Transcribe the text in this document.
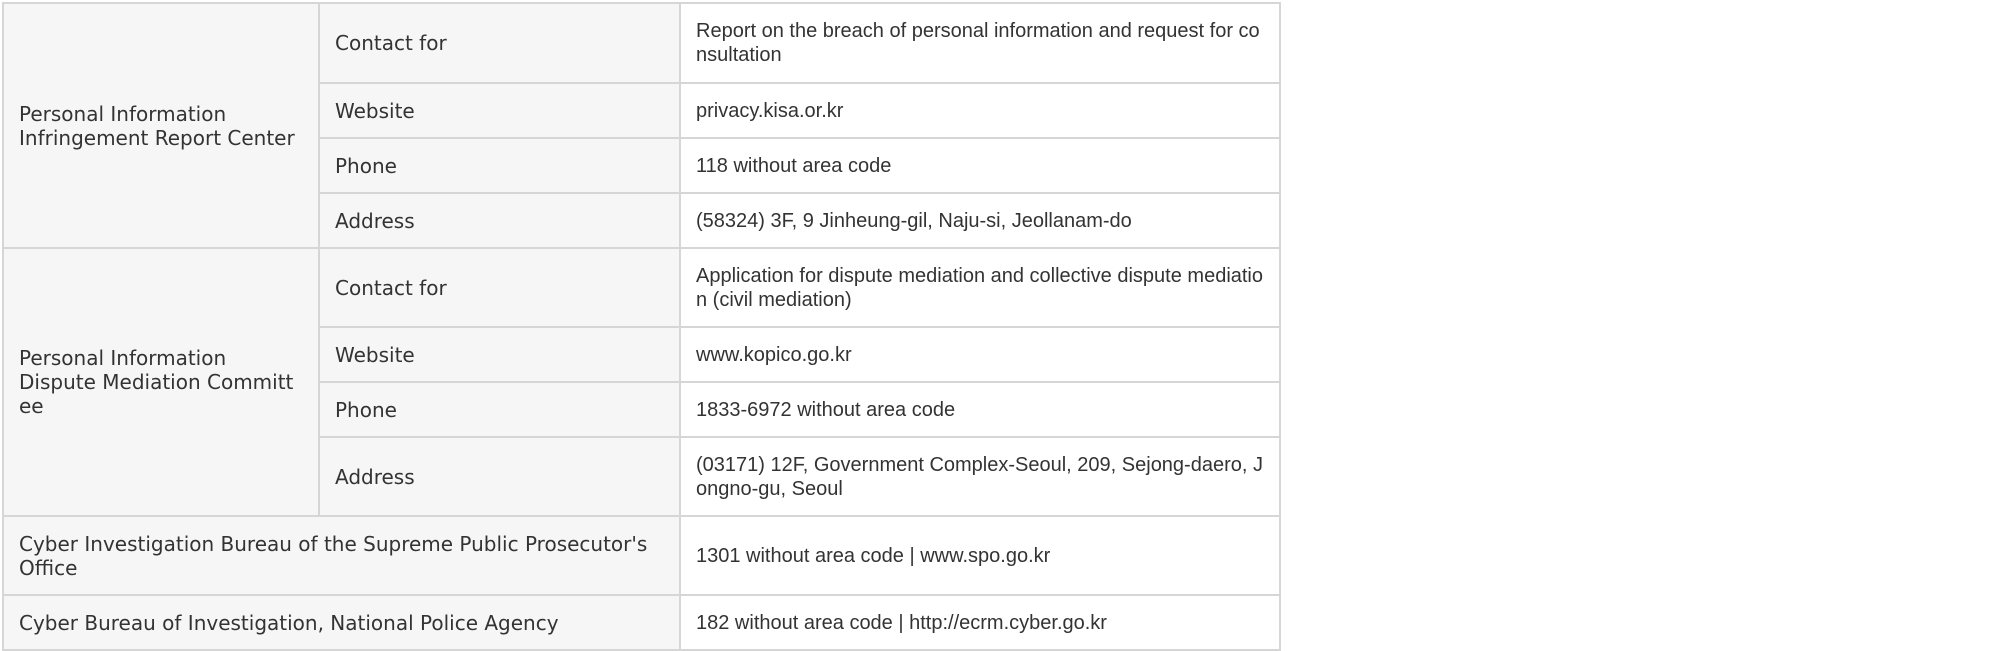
Personal Information
Infringement Report Center	Contact for	Report on the breach of personal information and request for consultation
	Website	privacy.kisa.or.kr
	Phone	118 without area code
	Address	(58324) 3F, 9 Jinheung-gil, Naju-si, Jeollanam-do

Personal Information
Dispute Mediation Committee	Contact for	Application for dispute mediation and collective dispute mediation (civil mediation)
	Website	www.kopico.go.kr
	Phone	1833-6972 without area code
	Address	(03171) 12F, Government Complex-Seoul, 209, Sejong-daero, Jongno-gu, Seoul
Cyber Investigation Bureau of the Supreme Public Prosecutor's Office		1301 without area code | www.spo.go.kr
Cyber Bureau of Investigation, National Police Agency		182 without area code | http://ecrm.cyber.go.kr
